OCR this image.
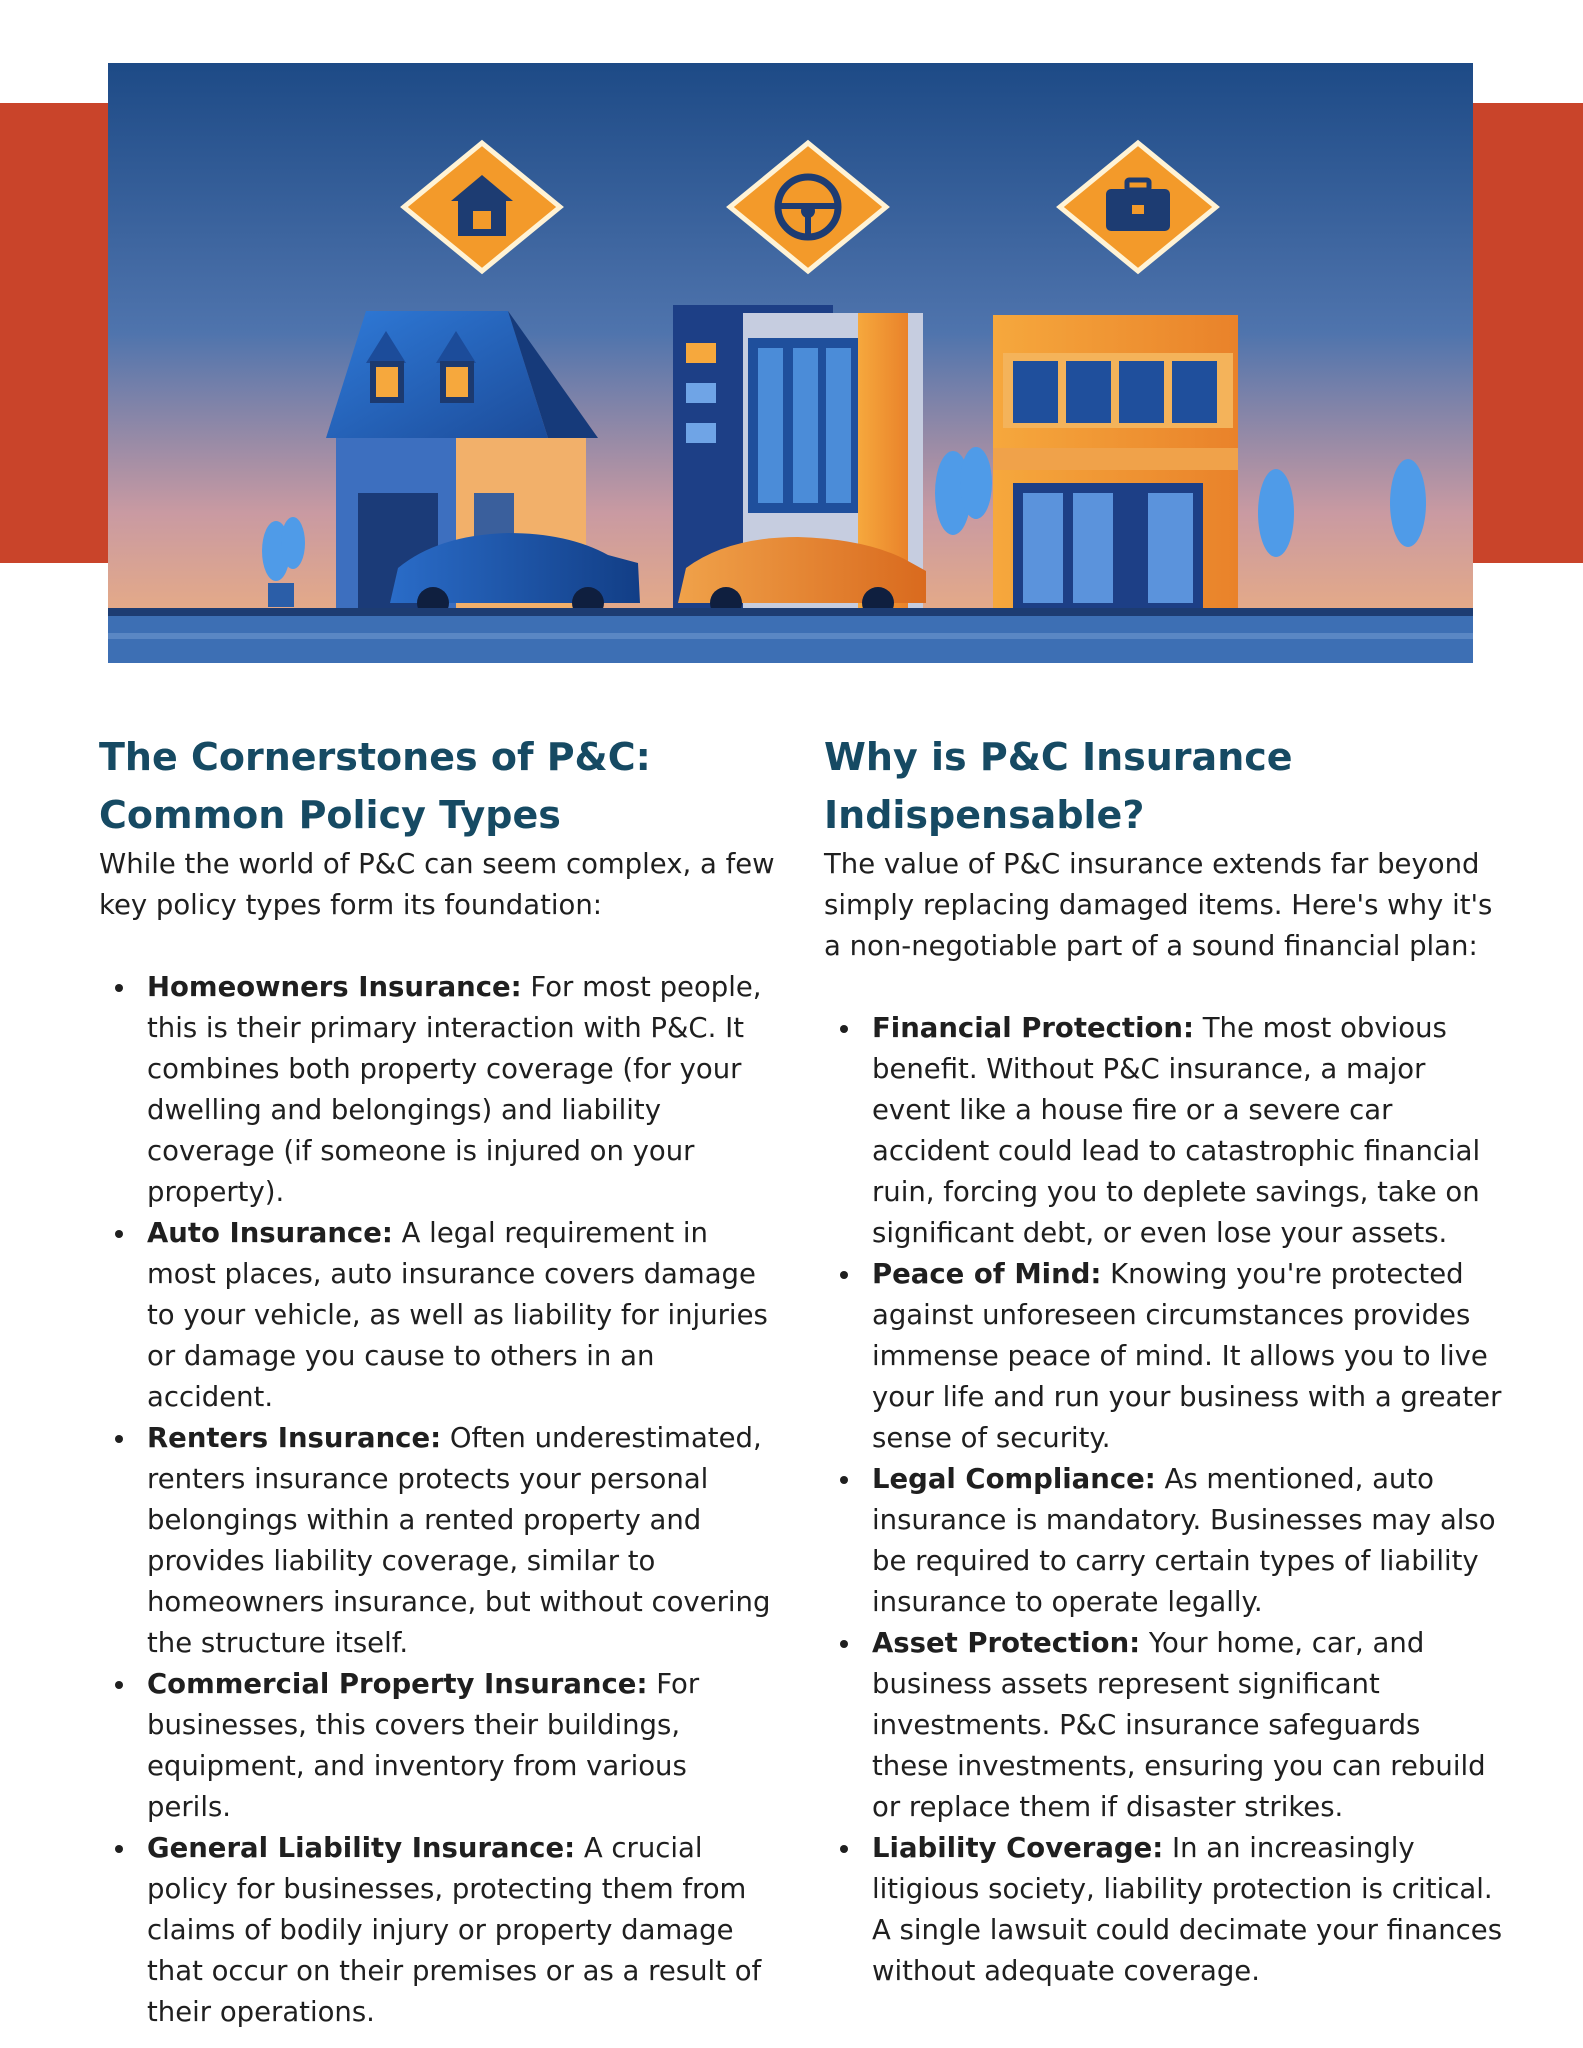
The Cornerstones of P&C: Common Policy Types

While the world of P&C can seem complex, a few key policy types form its foundation:

Homeowners Insurance: For most people, this is their primary interaction with P&C. It combines both property coverage (for your dwelling and belongings) and liability coverage (if someone is injured on your property).
Auto Insurance: A legal requirement in most places, auto insurance covers damage to your vehicle, as well as liability for injuries or damage you cause to others in an accident.
Renters Insurance: Often underestimated, renters insurance protects your personal belongings within a rented property and provides liability coverage, similar to homeowners insurance, but without covering the structure itself.
Commercial Property Insurance: For businesses, this covers their buildings, equipment, and inventory from various perils.
General Liability Insurance: A crucial policy for businesses, protecting them from claims of bodily injury or property damage that occur on their premises or as a result of their operations.
Why is P&C Insurance Indispensable?

The value of P&C insurance extends far beyond simply replacing damaged items. Here's why it's a non-negotiable part of a sound financial plan:

Financial Protection: The most obvious benefit. Without P&C insurance, a major event like a house fire or a severe car accident could lead to catastrophic financial ruin, forcing you to deplete savings, take on significant debt, or even lose your assets.
Peace of Mind: Knowing you're protected against unforeseen circumstances provides immense peace of mind. It allows you to live your life and run your business with a greater sense of security.
Legal Compliance: As mentioned, auto insurance is mandatory. Businesses may also be required to carry certain types of liability insurance to operate legally.
Asset Protection: Your home, car, and business assets represent significant investments. P&C insurance safeguards these investments, ensuring you can rebuild or replace them if disaster strikes.
Liability Coverage: In an increasingly litigious society, liability protection is critical. A single lawsuit could decimate your finances without adequate coverage.
